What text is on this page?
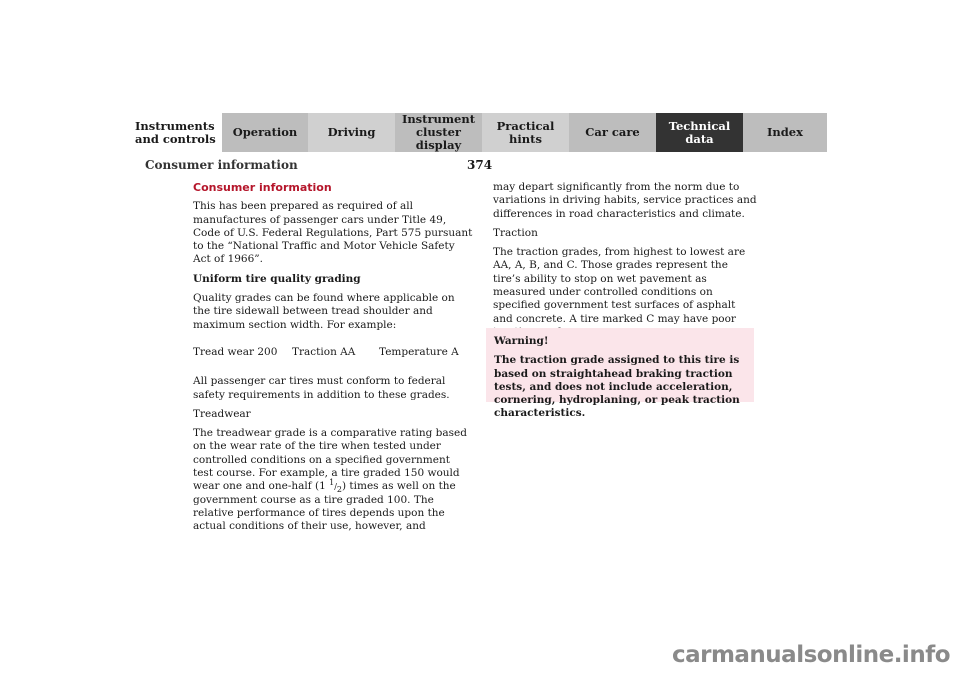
Instruments
and controls	Operation	Driving
Instrument
cluster display
Practical hints	Car care	Technical
data	Index
Consumer information	374

Consumer information

This has been prepared as required of all manufactures of passenger cars under Title 49, Code of U.S. Federal Regulations, Part 575 pursuant to the “National Traffic and Motor Vehicle Safety Act of 1966”.

Uniform tire quality grading

Quality grades can be found where applicable on the tire sidewall between tread shoulder and maximum section width. For example:

Tread wear 200	Traction AA	Temperature A

All passenger car tires must conform to federal safety requirements in addition to these grades.

Treadwear

The treadwear grade is a comparative rating based on the wear rate of the tire when tested under controlled conditions on a specified government test course. For example, a tire graded 150 would wear one and one-half (1 $^1/_2$) times as well on the government course as a tire graded 100. The relative performance of tires depends upon the actual conditions of their use, however, and

may depart significantly from the norm due to variations in driving habits, service practices and differences in road characteristics and climate.

Traction

The traction grades, from highest to lowest are AA, A, B, and C. Those grades represent the tire’s ability to stop on wet pavement as measured under controlled conditions on specified government test surfaces of asphalt and concrete. A tire marked C may have poor

Warning!

The traction grade assigned to this tire is based on straightahead braking traction tests, and does not include acceleration, cornering, hydroplaning, or peak traction characteristics.

carmanualsonline.info
